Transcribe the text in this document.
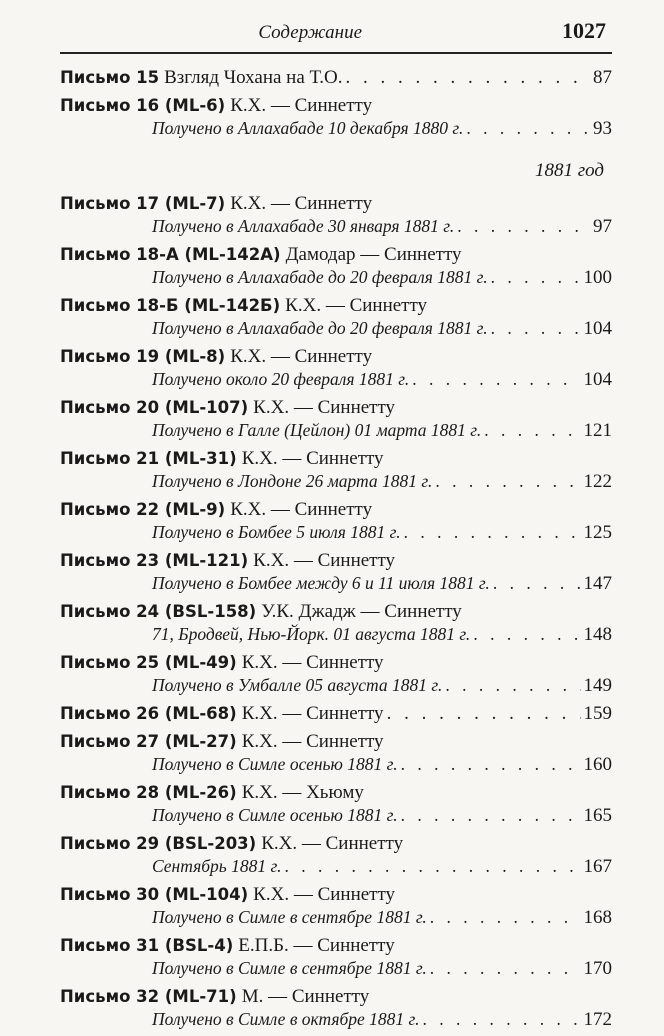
Содержание	1027
Письмо 15 Взгляд Чохана на Т.О. . . .	87
Письмо 16 (ML-6) К.Х. — Синнетту
Получено в Аллахабаде 10 декабря 1880 г. . . .	93
1881 год
Письмо 17 (ML-7) К.Х. — Синнетту
Получено в Аллахабаде 30 января 1881 г. . . .	97
Письмо 18-А (ML-142А) Дамодар — Синнетту
Получено в Аллахабаде до 20 февраля 1881 г. . . .	100
Письмо 18-Б (ML-142Б) К.Х. — Синнетту
Получено в Аллахабаде до 20 февраля 1881 г. . . .	104
Письмо 19 (ML-8) К.Х. — Синнетту
Получено около 20 февраля 1881 г. . . .	104
Письмо 20 (ML-107) К.Х. — Синнетту
Получено в Галле (Цейлон) 01 марта 1881 г. . . .	121
Письмо 21 (ML-31) К.Х. — Синнетту
Получено в Лондоне 26 марта 1881 г. . . .	122
Письмо 22 (ML-9) К.Х. — Синнетту
Получено в Бомбее 5 июля 1881 г. . . .	125
Письмо 23 (ML-121) К.Х. — Синнетту
Получено в Бомбее между 6 и 11 июля 1881 г. . . .	147
Письмо 24 (BSL-158) У.К. Джадж — Синнетту
71, Бродвей, Нью-Йорк. 01 августа 1881 г. . . .	148
Письмо 25 (ML-49) К.Х. — Синнетту
Получено в Умбалле 05 августа 1881 г. . . .	149
Письмо 26 (ML-68) К.Х. — Синнетту . . .	159
Письмо 27 (ML-27) К.Х. — Синнетту
Получено в Симле осенью 1881 г. . . .	160
Письмо 28 (ML-26) К.Х. — Хьюму
Получено в Симле осенью 1881 г. . . .	165
Письмо 29 (BSL-203) К.Х. — Синнетту
Сентябрь 1881 г. . . .	167
Письмо 30 (ML-104) К.Х. — Синнетту
Получено в Симле в сентябре 1881 г. . . .	168
Письмо 31 (BSL-4) Е.П.Б. — Синнетту
Получено в Симле в сентябре 1881 г. . . .	170
Письмо 32 (ML-71) М. — Синнетту
Получено в Симле в октябре 1881 г. . . .	172
